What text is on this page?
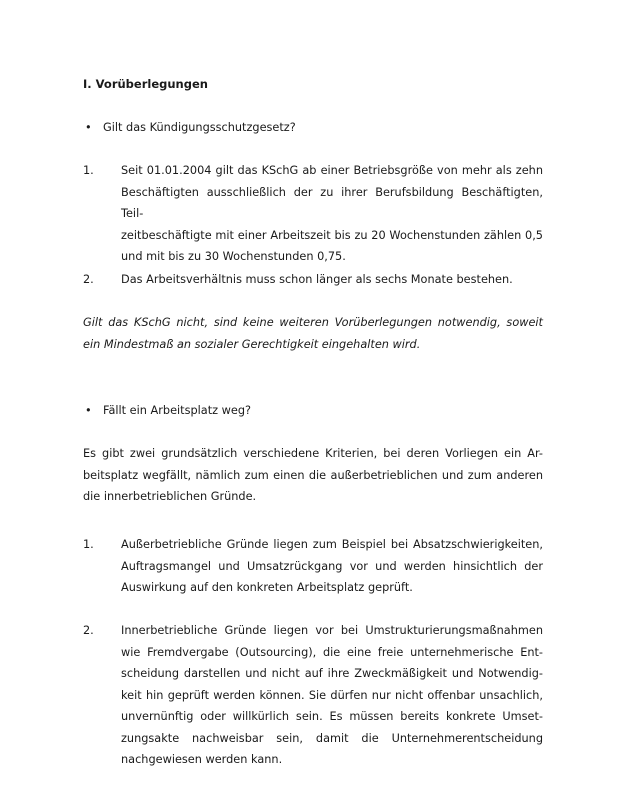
I. Vorüberlegungen
• Gilt das Kündigungsschutzgesetz?
1. Seit 01.01.2004 gilt das KSchG ab einer Betriebsgröße von mehr als zehn
Beschäftigten ausschließlich der zu ihrer Berufsbildung Beschäftigten, Teil-
zeitbeschäftigte mit einer Arbeitszeit bis zu 20 Wochenstunden zählen 0,5
und mit bis zu 30 Wochenstunden 0,75.
2. Das Arbeitsverhältnis muss schon länger als sechs Monate bestehen.
Gilt das KSchG nicht, sind keine weiteren Vorüberlegungen notwendig, soweit
ein Mindestmaß an sozialer Gerechtigkeit eingehalten wird.
• Fällt ein Arbeitsplatz weg?
Es gibt zwei grundsätzlich verschiedene Kriterien, bei deren Vorliegen ein Ar-
beitsplatz wegfällt, nämlich zum einen die außerbetrieblichen und zum anderen
die innerbetrieblichen Gründe.
1. Außerbetriebliche Gründe liegen zum Beispiel bei Absatzschwierigkeiten,
Auftragsmangel und Umsatzrückgang vor und werden hinsichtlich der
Auswirkung auf den konkreten Arbeitsplatz geprüft.
2. Innerbetriebliche Gründe liegen vor bei Umstrukturierungsmaßnahmen
wie Fremdvergabe (Outsourcing), die eine freie unternehmerische Ent-
scheidung darstellen und nicht auf ihre Zweckmäßigkeit und Notwendig-
keit hin geprüft werden können. Sie dürfen nur nicht offenbar unsachlich,
unvernünftig oder willkürlich sein. Es müssen bereits konkrete Umset-
zungsakte nachweisbar sein, damit die Unternehmerentscheidung
nachgewiesen werden kann.
